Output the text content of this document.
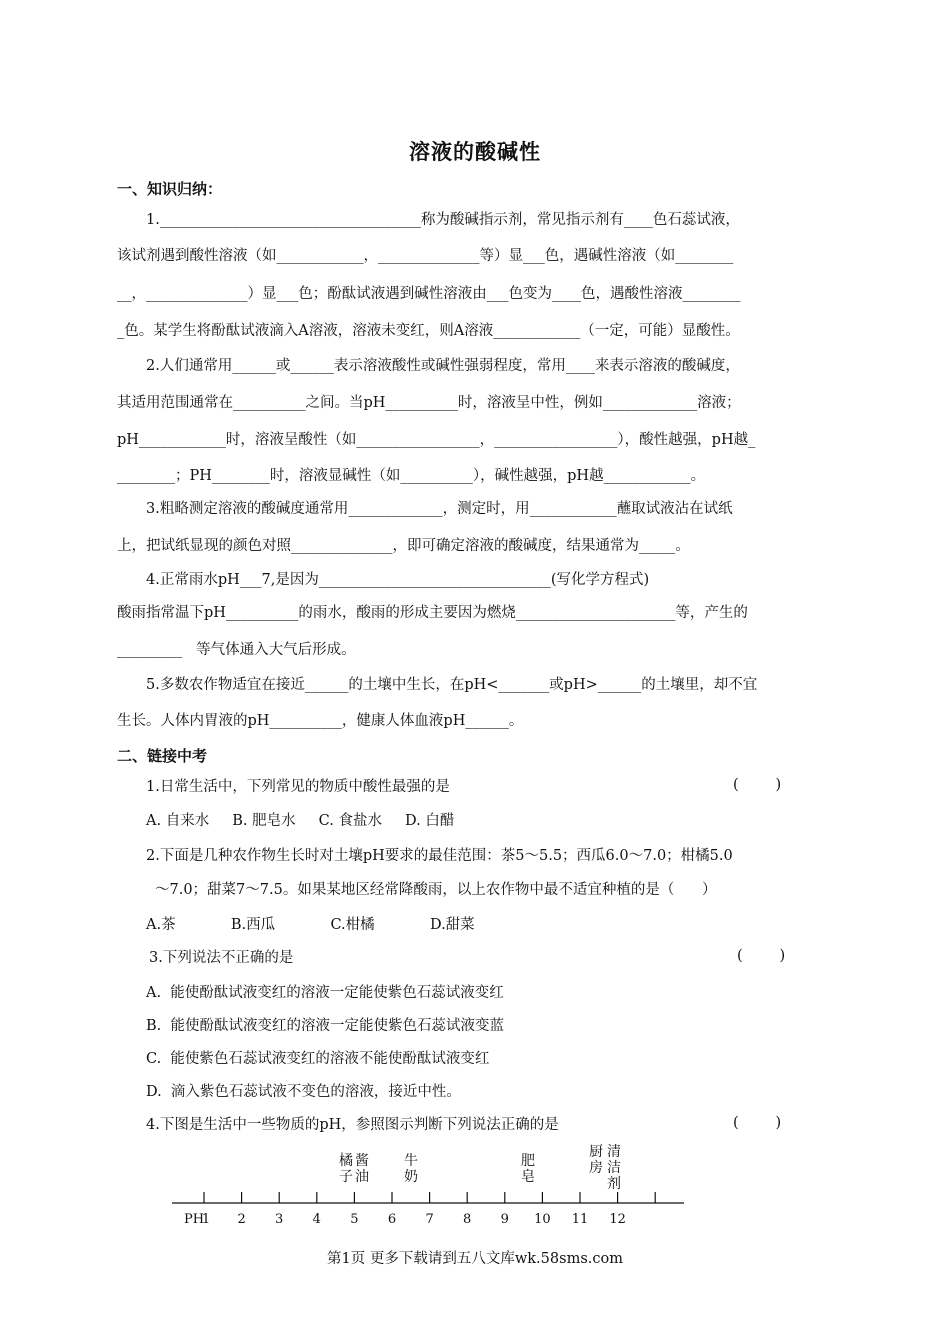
溶液的酸碱性
一、知识归纳：
1.____________________________________称为酸碱指示剂，常见指示剂有____色石蕊试液，
该试剂遇到酸性溶液（如____________，______________等）显___色，遇碱性溶液（如________
__，______________）显___色；酚酞试液遇到碱性溶液由___色变为____色，遇酸性溶液________
_色。某学生将酚酞试液滴入A溶液，溶液未变红，则A溶液____________（一定，可能）显酸性。
2.人们通常用______或______表示溶液酸性或碱性强弱程度，常用____来表示溶液的酸碱度，
其适用范围通常在__________之间。当pH__________时，溶液呈中性，例如_____________溶液；
pH____________时，溶液呈酸性（如_________________，_________________），酸性越强，pH越_
________；PH________时，溶液显碱性（如__________），碱性越强，pH越____________。
3.粗略测定溶液的酸碱度通常用_____________，测定时，用____________蘸取试液沾在试纸
上，把试纸显现的颜色对照______________，即可确定溶液的酸碱度，结果通常为_____。
4.正常雨水pH___7,是因为________________________________(写化学方程式)
酸雨指常温下pH__________的雨水，酸雨的形成主要因为燃烧______________________等，产生的
_________   等气体通入大气后形成。
5.多数农作物适宜在接近______的土壤中生长，在pH<_______或pH>______的土壤里，却不宜
生长。人体内胃液的pH__________，健康人体血液pH______。
二、链接中考
1.日常生活中，下列常见的物质中酸性最强的是	(        )
A. 自来水     B. 肥皂水     C. 食盐水     D. 白醋
2.下面是几种农作物生长时对土壤pH要求的最佳范围：茶5～5.5；西瓜6.0～7.0；柑橘5.0
～7.0；甜菜7～7.5。如果某地区经常降酸雨，以上农作物中最不适宜种植的是（      ）
A.茶            B.西瓜            C.柑橘            D.甜菜
3.下列说法不正确的是	(        )
A.  能使酚酞试液变红的溶液一定能使紫色石蕊试液变红
B.  能使酚酞试液变红的溶液一定能使紫色石蕊试液变蓝
C.  能使紫色石蕊试液变红的溶液不能使酚酞试液变红
D.  滴入紫色石蕊试液不变色的溶液，接近中性。
4.下图是生活中一些物质的pH，参照图示判断下列说法正确的是	(        )
PH
1 2 3 4 5 6 7 8 9 10 11 12
橘
子
酱
油
牛
奶
肥
皂
厨
房
清
洁
剂
第1页 更多下载请到五八文库wk.58sms.com
